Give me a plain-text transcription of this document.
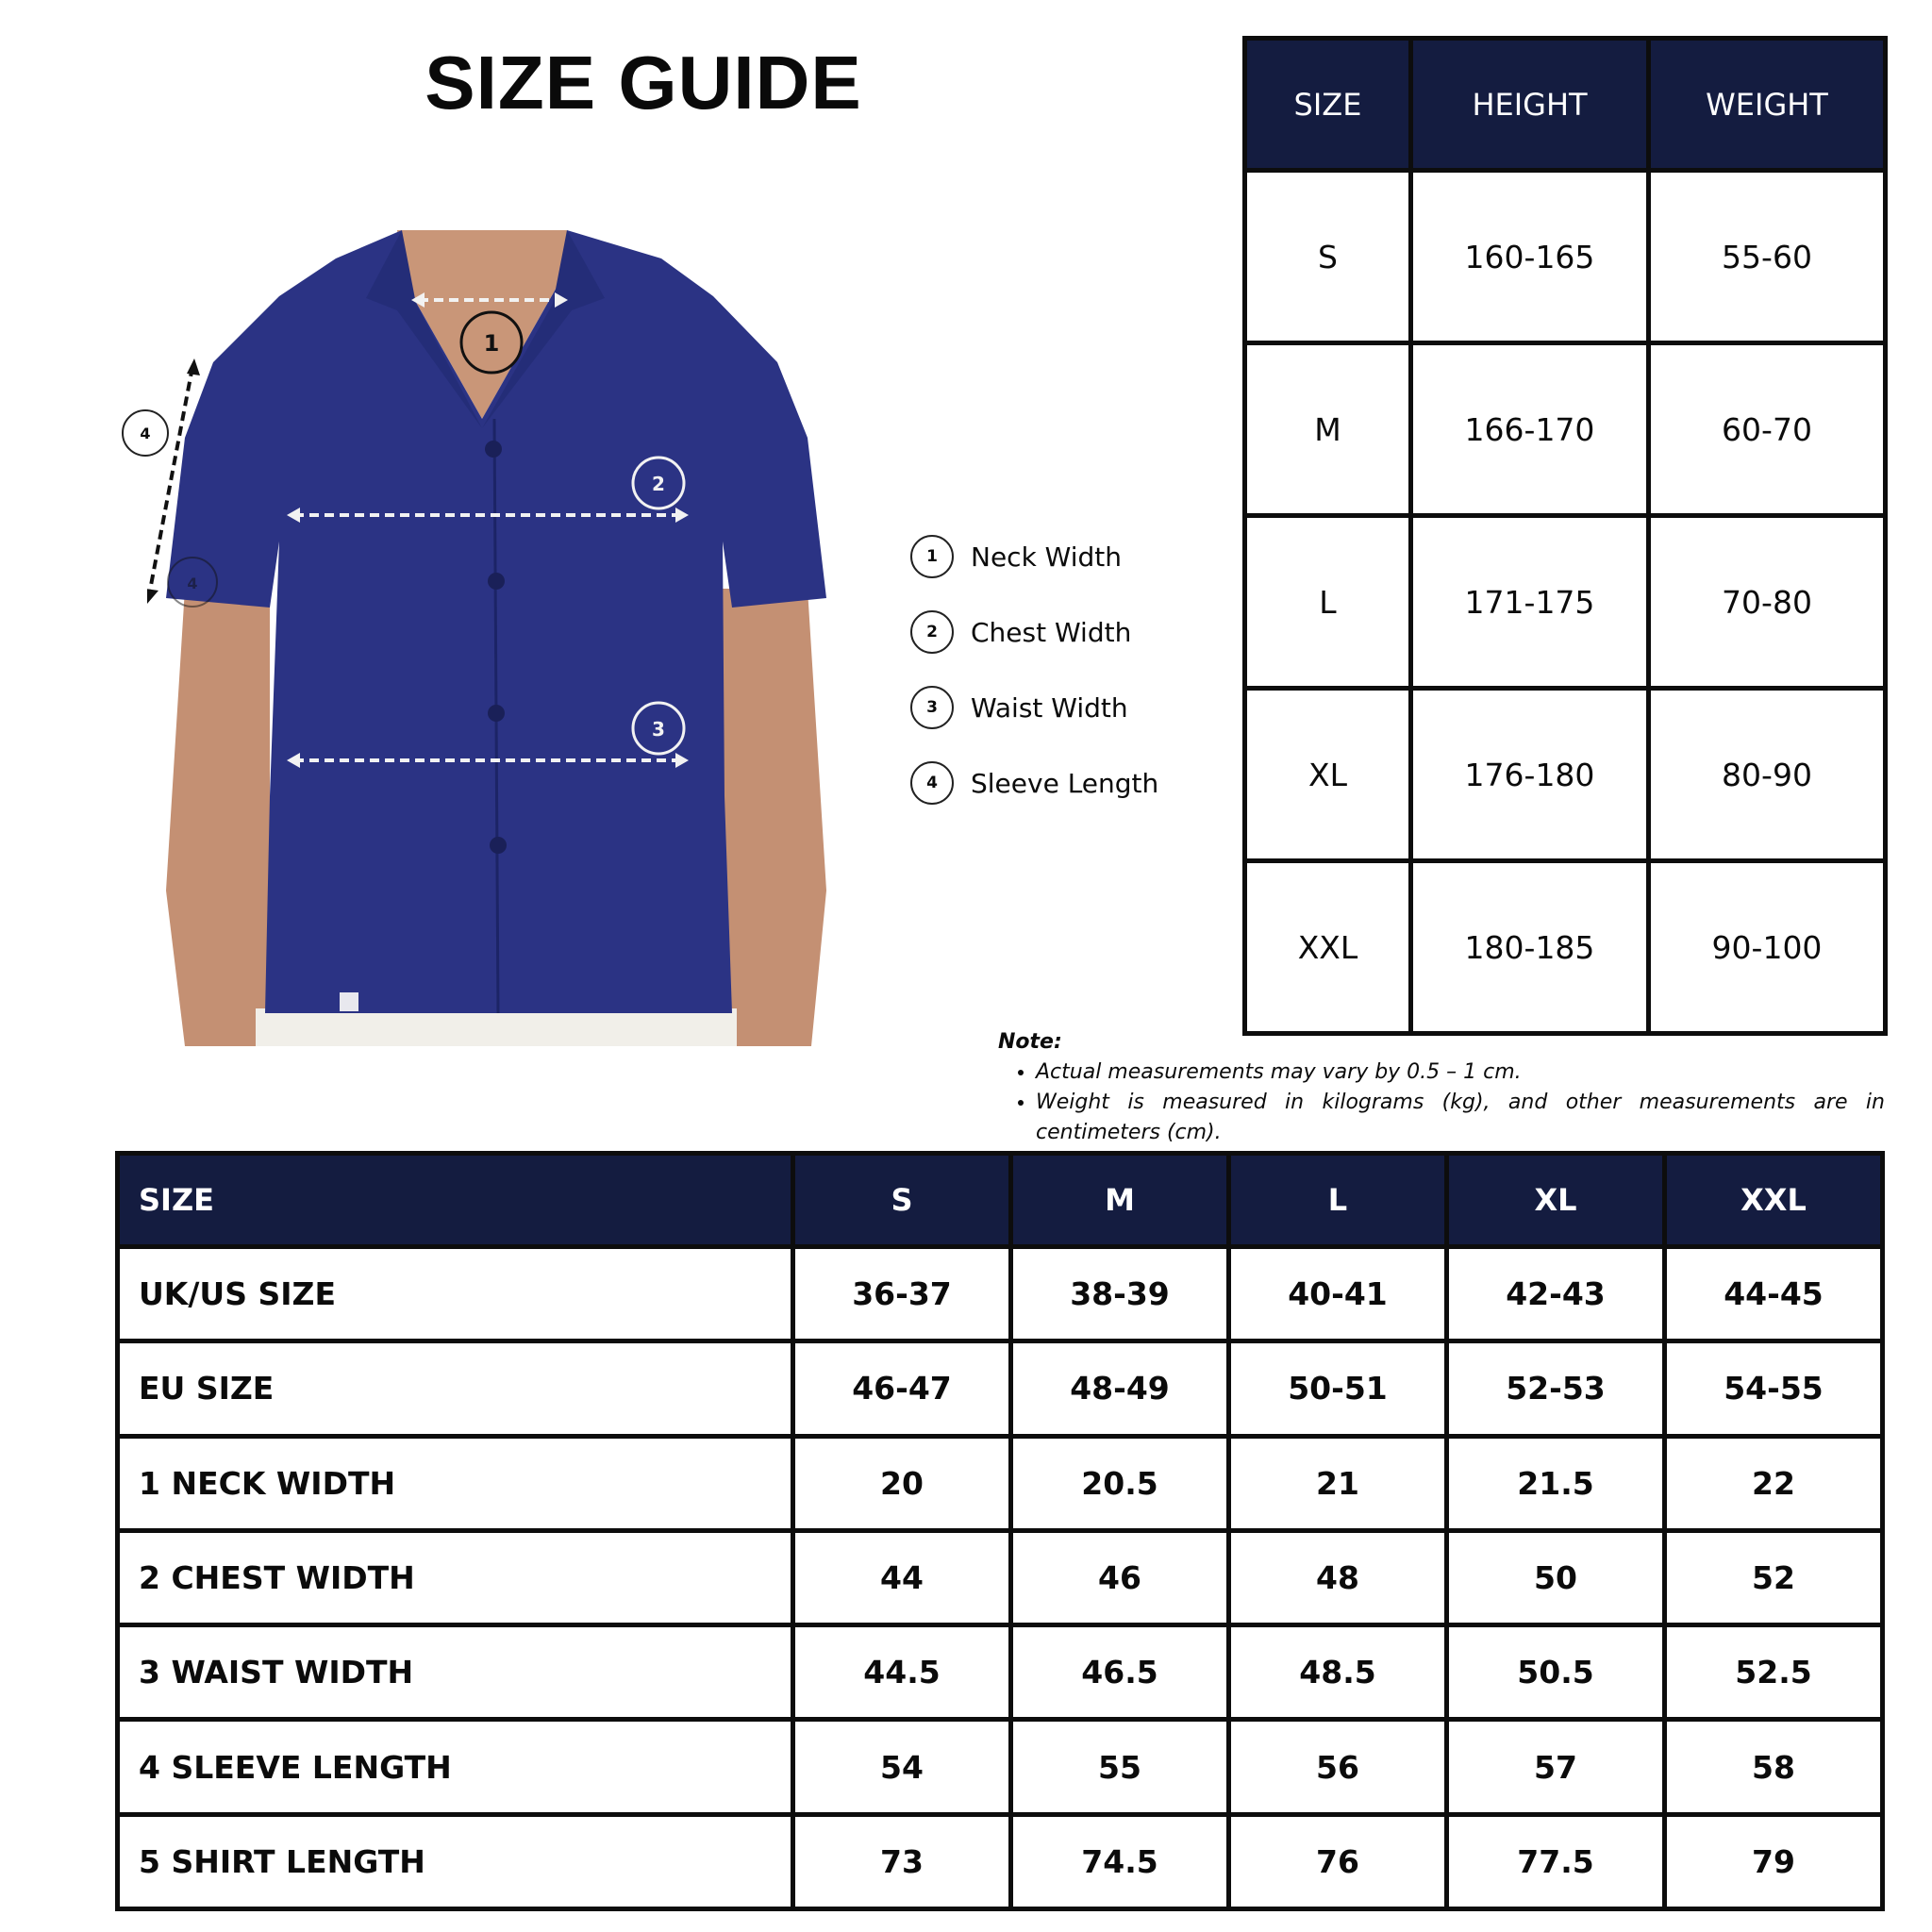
SIZE GUIDE
1
2
3
4
4
1	Neck Width
2	Chest Width
3	Waist Width
4	Sleeve Length
SIZE	HEIGHT	WEIGHT
S	160-165	55-60
M	166-170	60-70
L	171-175	70-80
XL	176-180	80-90
XXL	180-185	90-100
Note:
• Actual measurements may vary by 0.5 – 1 cm.
• Weight is measured in kilograms (kg), and other measurements are in centimeters (cm).
SIZE	S	M	L	XL	XXL
UK/US SIZE	36-37	38-39	40-41	42-43	44-45
EU SIZE	46-47	48-49	50-51	52-53	54-55
1 NECK WIDTH	20	20.5	21	21.5	22
2 CHEST WIDTH	44	46	48	50	52
3 WAIST WIDTH	44.5	46.5	48.5	50.5	52.5
4 SLEEVE LENGTH	54	55	56	57	58
5 SHIRT LENGTH	73	74.5	76	77.5	79
